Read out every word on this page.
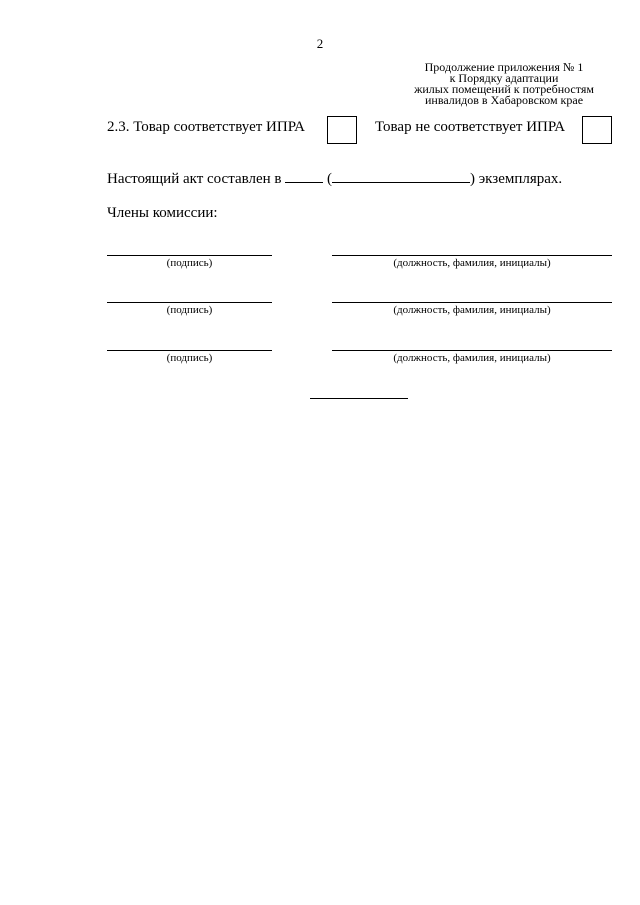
2
Продолжение приложения № 1
к Порядку адаптации
жилых помещений к потребностям
инвалидов в Хабаровском крае
2.3. Товар соответствует ИПРА	Товар не соответствует ИПРА
Настоящий акт составлен в	(	) экземплярах.
Члены комиссии:
(подпись)	(должность, фамилия, инициалы)
(подпись)	(должность, фамилия, инициалы)
(подпись)	(должность, фамилия, инициалы)
